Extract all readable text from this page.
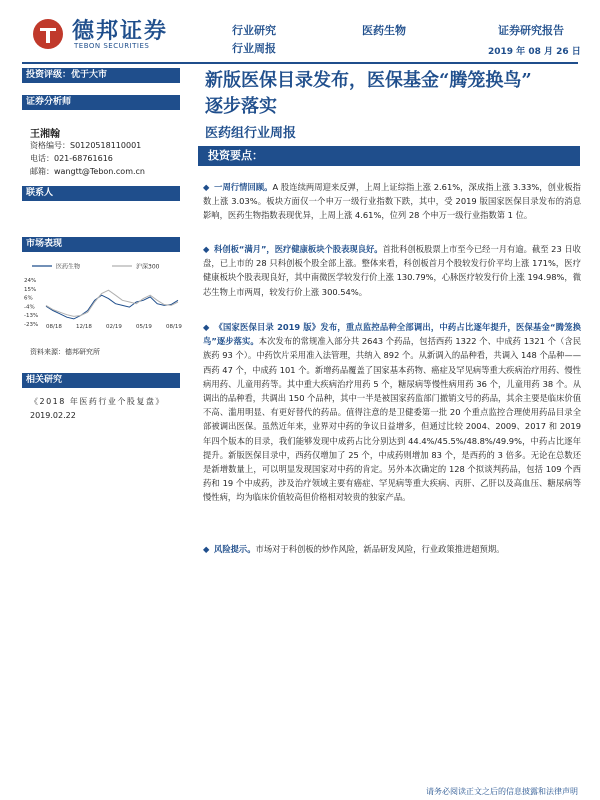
德邦证券
TEBON SECURITIES
行业研究
行业周报
医药生物	证券研究报告
2019 年 08 月 26 日
投资评级：优于大市
证券分析师
王湘翰
资格编号：S0120518110001
电话：021-68761616
邮箱：wangtt@Tebon.com.cn
联系人
市场表现
医药生物	沪深300
24%
15%
6%
-4%
-13%
-23% 08/18	12/18	02/19	05/19	08/19
资料来源：德邦研究所
相关研究
《2018 年医药行业个股复盘》
2019.02.22
新版医保目录发布，医保基金“腾笼换鸟”
逐步落实
医药组行业周报
投资要点：
◆ 一周行情回顾。A 股连续两周迎来反弹，上周上证综指上涨 2.61%，深成指上涨 3.33%，创业板指数上涨 3.03%。板块方面仅一个申万一级行业指数下跌，其中，受 2019 版国家医保目录发布的消息影响，医药生物指数表现优异，上周上涨 4.61%，位列 28 个申万一级行业指数第 1 位。
◆ 科创板“满月”，医疗健康板块个股表现良好。首批科创板股票上市至今已经一月有逾。截至 23 日收盘，已上市的 28 只科创板个股全部上涨。整体来看，科创板首月个股较发行价平均上涨 171%，医疗健康板块个股表现良好，其中南微医学较发行价上涨 130.79%，心脉医疗较发行价上涨 194.98%，微芯生物上市两周，较发行价上涨 300.54%。
◆ 《国家医保目录 2019 版》发布，重点监控品种全部调出，中药占比逐年提升，医保基金“腾笼换鸟”逐步落实。本次发布的常规准入部分共 2643 个药品，包括西药 1322 个、中成药 1321 个（含民族药 93 个）。中药饮片采用准入法管理，共纳入 892 个。从新调入的品种看，共调入 148 个品种——西药 47 个，中成药 101 个。新增药品覆盖了国家基本药物、癌症及罕见病等重大疾病治疗用药、慢性病用药、儿童用药等。其中重大疾病治疗用药 5 个，糖尿病等慢性病用药 36 个，儿童用药 38 个。从调出的品种看，共调出 150 个品种，其中一半是被国家药监部门撤销文号的药品，其余主要是临床价值不高、滥用明显、有更好替代的药品。值得注意的是卫健委第一批 20 个重点监控合理使用药品目录全部被调出医保。虽然近年来，业界对中药的争议日益增多，但通过比较 2004、2009、2017 和 2019 年四个版本的目录，我们能够发现中成药占比分别达到 44.4%/45.5%/48.8%/49.9%，中药占比逐年提升。新版医保目录中，西药仅增加了 25 个，中成药则增加 83 个，是西药的 3 倍多。无论在总数还是新增数量上，可以明显发现国家对中药的肯定。另外本次确定的 128 个拟谈判药品，包括 109 个西药和 19 个中成药，涉及治疗领域主要有癌症、罕见病等重大疾病、丙肝、乙肝以及高血压、糖尿病等慢性病，均为临床价值较高但价格相对较贵的独家产品。
◆ 风险提示。市场对于科创板的炒作风险，新品研发风险，行业政策推进超预期。
请务必阅读正文之后的信息披露和法律声明
